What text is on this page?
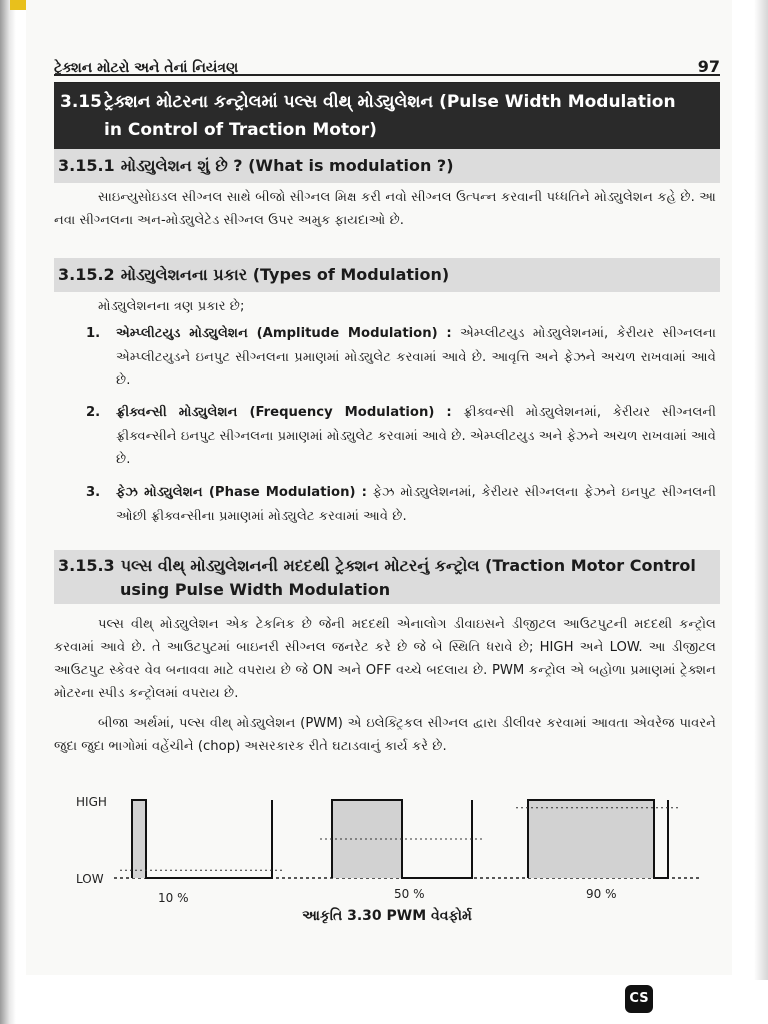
ટ્રેક્શન મોટરો અને તેનાં નિયંત્રણ	97
3.15 ટ્રેક્શન મોટરના કન્ટ્રોલમાં પલ્સ વીથ્ મોડ્યુલેશન (Pulse Width Modulation
in Control of Traction Motor)
3.15.1 મોડ્યુલેશન શું છે ? (What is modulation ?)
સાઇન્યુસોઇડલ સીગ્નલ સાથે બીજો સીગ્નલ મિક્ષ કરી નવો સીગ્નલ ઉત્પન્ન કરવાની પધ્ધતિને મોડ્યુલેશન કહે છે. આ નવા સીગ્નલના અન-મોડ્યુલેટેડ સીગ્નલ ઉપર અમુક ફાયદાઓ છે.
3.15.2 મોડ્યુલેશનના પ્રકાર (Types of Modulation)
મોડ્યુલેશનના ત્રણ પ્રકાર છે;
1. એમ્પ્લીટયુડ મોડ્યુલેશન (Amplitude Modulation) : એમ્પ્લીટયુડ મોડ્યુલેશનમાં, કેરીયર સીગ્નલના એમ્પ્લીટયુડને ઇનપુટ સીગ્નલના પ્રમાણમાં મોડ્યુલેટ કરવામાં આવે છે. આવૃત્તિ અને ફેઝને અચળ રાખવામાં આવે છે.
2. ફ્રીક્વન્સી મોડ્યુલેશન (Frequency Modulation) : ફ્રીક્વન્સી મોડ્યુલેશનમાં, કેરીયર સીગ્નલની ફ્રીક્વન્સીને ઇનપુટ સીગ્નલના પ્રમાણમાં મોડ્યુલેટ કરવામાં આવે છે. એમ્પ્લીટયુડ અને ફેઝને અચળ રાખવામાં આવે છે.
3. ફેઝ મોડ્યુલેશન (Phase Modulation) : ફેઝ મોડ્યુલેશનમાં, કેરીયર સીગ્નલના ફેઝને ઇનપુટ સીગ્નલની ઓછી ફ્રીક્વન્સીના પ્રમાણમાં મોડ્યુલેટ કરવામાં આવે છે.
3.15.3 પલ્સ વીથ્ મોડ્યુલેશનની મદદથી ટ્રેક્શન મોટરનું કન્ટ્રોલ (Traction Motor Control
using Pulse Width Modulation
પલ્સ વીથ્ મોડ્યુલેશન એક ટેકનિક છે જેની મદદથી એનાલોગ ડીવાઇસને ડીજીટલ આઉટપુટની મદદથી કન્ટ્રોલ કરવામાં આવે છે. તે આઉટપુટમાં બાઇનરી સીગ્નલ જનરેટ કરે છે જે બે સ્થિતિ ધરાવે છે; HIGH અને LOW. આ ડીજીટલ આઉટપુટ સ્કેવર વેવ બનાવવા માટે વપરાય છે જે ON અને OFF વચ્ચે બદલાય છે. PWM કન્ટ્રોલ એ બહોળા પ્રમાણમાં ટ્રેક્શન મોટરના સ્પીડ કન્ટ્રોલમાં વપરાય છે.
બીજા અર્થમાં, પલ્સ વીથ્ મોડ્યુલેશન (PWM) એ ઇલેક્ટ્રિકલ સીગ્નલ દ્વારા ડીલીવર કરવામાં આવતા એવરેજ પાવરને જુદા જુદા ભાગોમાં વહેંચીને (chop) અસરકારક રીતે ઘટાડવાનું કાર્ય કરે છે.
HIGH
LOW
10 %	50 %	90 %
આકૃતિ 3.30 PWM વેવફોર્મ
CS
